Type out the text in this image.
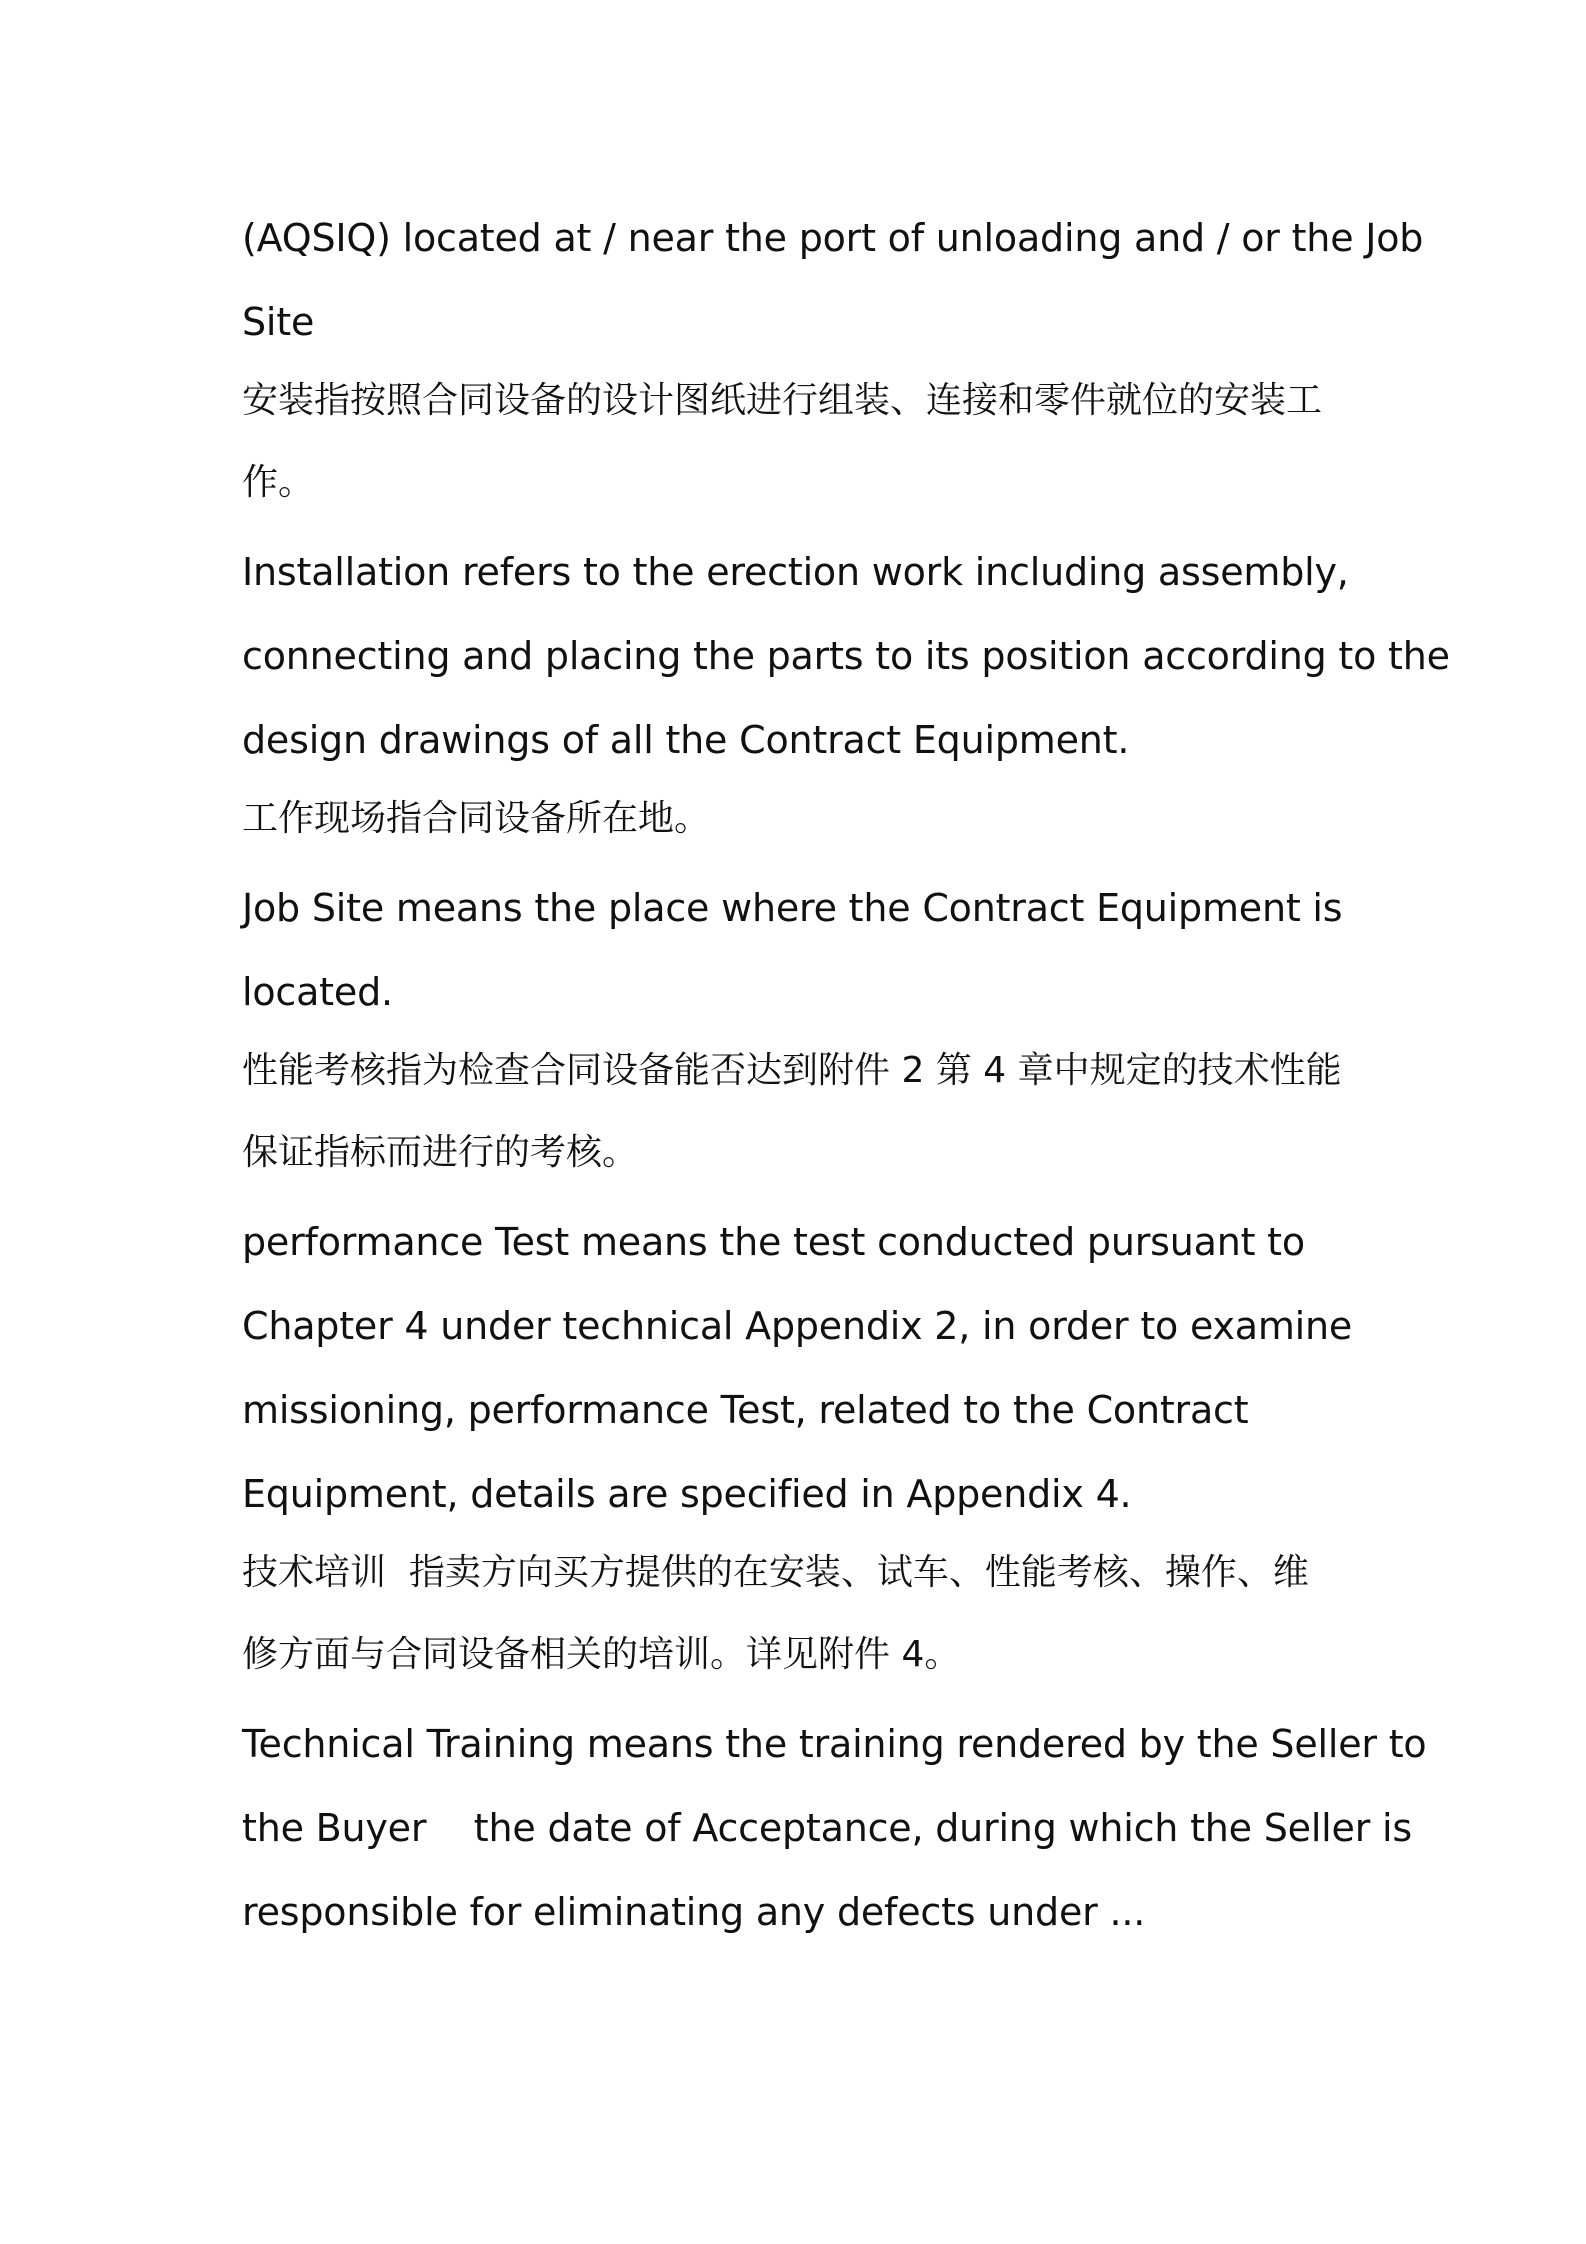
(AQSIQ) located at / near the port of unloading and / or the Job
Site
安装指按照合同设备的设计图纸进行组装、连接和零件就位的安装工
作。
Installation refers to the erection work including assembly,
connecting and placing the parts to its position according to the
design drawings of all the Contract Equipment.
工作现场指合同设备所在地。
Job Site means the place where the Contract Equipment is
located.
性能考核指为检查合同设备能否达到附件 2 第 4 章中规定的技术性能
保证指标而进行的考核。
performance Test means the test conducted pursuant to
Chapter 4 under technical Appendix 2, in order to examine
missioning, performance Test, related to the Contract
Equipment, details are specified in Appendix 4.
技术培训  指卖方向买方提供的在安装、试车、性能考核、操作、维
修方面与合同设备相关的培训。详见附件 4。
Technical Training means the training rendered by the Seller to
the Buyer    the date of Acceptance, during which the Seller is
responsible for eliminating any defects under ...
